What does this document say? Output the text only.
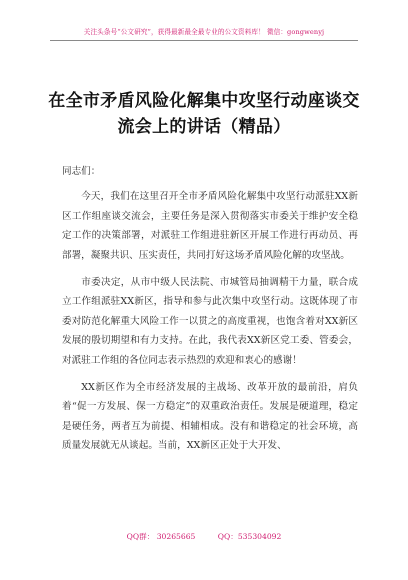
关注头条号“公文研究”，获得最新最全最专业的公文资料库！ 微信：gongwenyj
在全市矛盾风险化解集中攻坚行动座谈交流会上的讲话（精品）

同志们：

今天，我们在这里召开全市矛盾风险化解集中攻坚行动派驻XX新区工作组座谈交流会，主要任务是深入贯彻落实市委关于维护安全稳定工作的决策部署，对派驻工作组进驻新区开展工作进行再动员、再部署，凝聚共识、压实责任，共同打好这场矛盾风险化解的攻坚战。

市委决定，从市中级人民法院、市城管局抽调精干力量，联合成立工作组派驻XX新区，指导和参与此次集中攻坚行动。这既体现了市委对防范化解重大风险工作一以贯之的高度重视，也饱含着对XX新区发展的殷切期望和有力支持。在此，我代表XX新区党工委、管委会，对派驻工作组的各位同志表示热烈的欢迎和衷心的感谢！

XX新区作为全市经济发展的主战场、改革开放的最前沿，肩负着“促一方发展、保一方稳定”的双重政治责任。发展是硬道理，稳定是硬任务，两者互为前提、相辅相成。没有和谐稳定的社会环境，高质量发展就无从谈起。当前，XX新区正处于大开发、

QQ群： 30265665	QQ：535304092
